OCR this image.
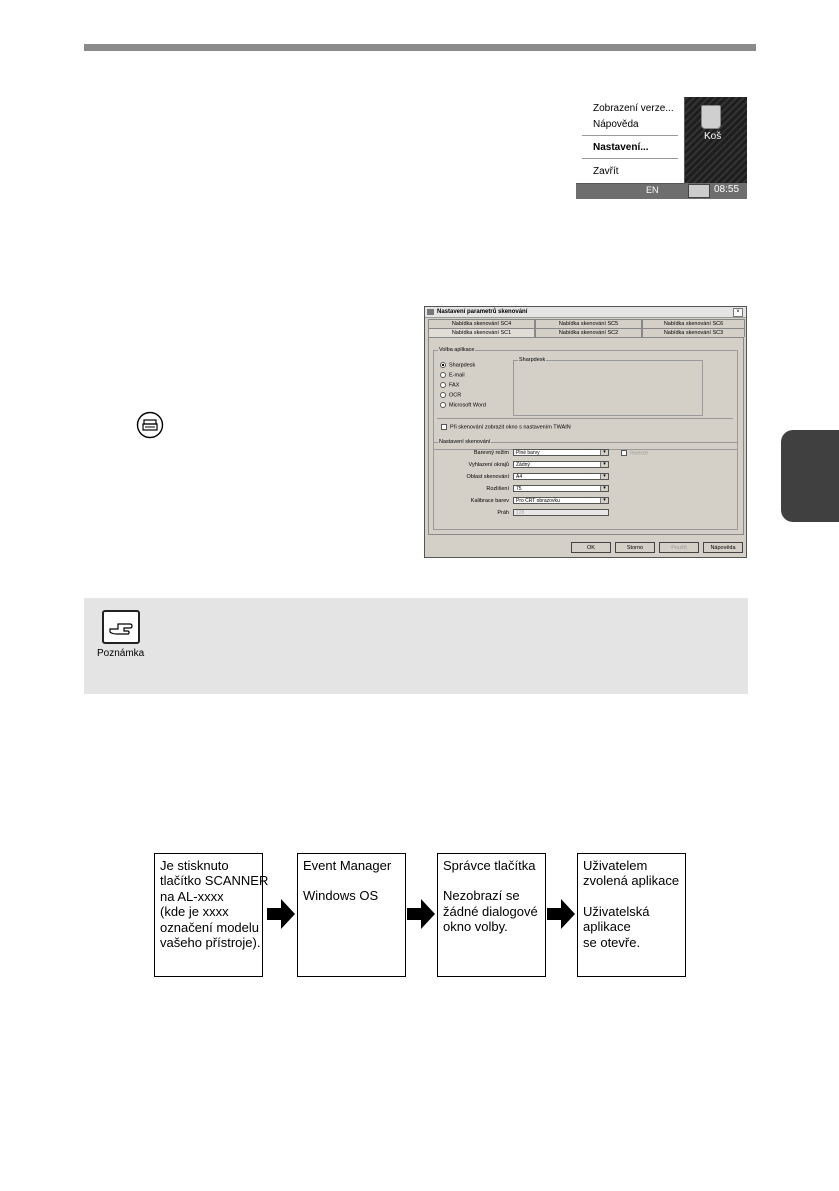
Koš
EN	08:55
Zobrazení verze...
Nápověda
Nastavení...
Zavřít
Nastavení parametrů skenování	×
Nabídka skenování SC4	Nabídka skenování SC5	Nabídka skenování SC6
Nabídka skenování SC1	Nabídka skenování SC2	Nabídka skenování SC3
Volba aplikace
Sharpdesk
E-mail
FAX
OCR
Microsoft Word
Sharpdesk
Při skenování zobrazit okno s nastavením TWAIN
Nastavení skenování
Barevný režim	Plné barvy	▾
Vyhlazení okrajů	Žádný	▾
Oblast skenování	A4	▾
Rozlišení	75	▾
Kalibrace barev	Pro CRT obrazovku	▾
Práh	128
Inverze
OK	Storno	Použít	Nápověda
Poznámka
Je stisknuto
tlačítko SCANNER
na AL-xxxx
(kde je xxxx
označení modelu
vašeho přístroje).
Event Manager
Windows OS
Správce tlačítka
Nezobrazí se
žádné dialogové
okno volby.
Uživatelem
zvolená aplikace
Uživatelská
aplikace
se otevře.
